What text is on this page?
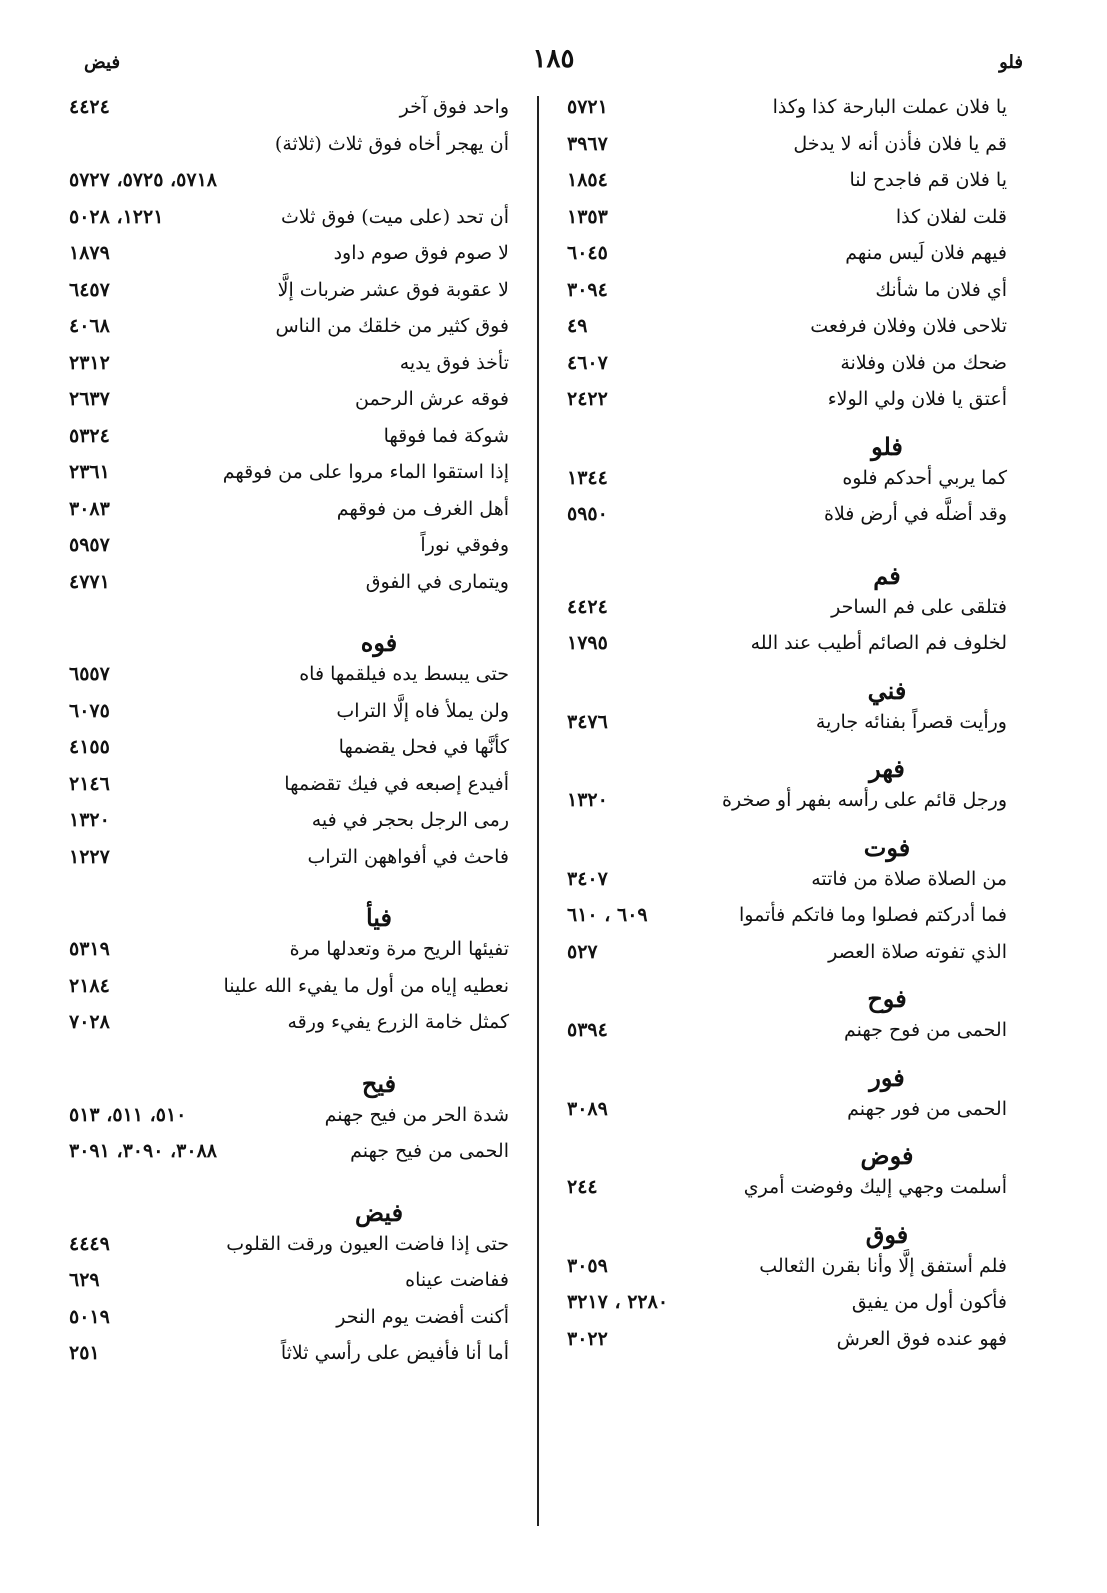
فلو
١٨٥
فيض
يا فلان عملت البارحة كذا وكذا
٥٧٢١
قم يا فلان فأذن أنه لا يدخل
٣٩٦٧
يا فلان قم فاجدح لنا
١٨٥٤
قلت لفلان كذا
١٣٥٣
فيهم فلان لَيس منهم
٦٠٤٥
أي فلان ما شأنك
٣٠٩٤
تلاحى فلان وفلان فرفعت
٤٩
ضحك من فلان وفلانة
٤٦٠٧
أعتق يا فلان ولي الولاء
٢٤٢٢
فلو
كما يربي أحدكم فلوه
١٣٤٤
وقد أضلَّه في أرض فلاة
٥٩٥٠
فم
فتلقى على فم الساحر
٤٤٢٤
لخلوف فم الصائم أطيب عند الله
١٧٩٥
فني
ورأيت قصراً بفنائه جارية
٣٤٧٦
فهر
ورجل قائم على رأسه بفهر أو صخرة
١٣٢٠
فوت
من الصلاة صلاة من فاتته
٣٤٠٧
فما أدركتم فصلوا وما فاتكم فأتموا
٦٠٩ ، ٦١٠
الذي تفوته صلاة العصر
٥٢٧
فوح
الحمى من فوح جهنم
٥٣٩٤
فور
الحمى من فور جهنم
٣٠٨٩
فوض
أسلمت وجهي إليك وفوضت أمري
٢٤٤
فوق
فلم أستفق إلَّا وأنا بقرن الثعالب
٣٠٥٩
فأكون أول من يفيق
٢٢٨٠ ، ٣٢١٧
فهو عنده فوق العرش
٣٠٢٢
واحد فوق آخر
٤٤٢٤
أن يهجر أخاه فوق ثلاث (ثلاثة)
٥٧١٨، ٥٧٢٥، ٥٧٢٧
أن تحد (على ميت) فوق ثلاث
١٢٢١، ٥٠٢٨
لا صوم فوق صوم داود
١٨٧٩
لا عقوبة فوق عشر ضربات إلَّا
٦٤٥٧
فوق كثير من خلقك من الناس
٤٠٦٨
تأخذ فوق يديه
٢٣١٢
فوقه عرش الرحمن
٢٦٣٧
شوكة فما فوقها
٥٣٢٤
إذا استقوا الماء مروا على من فوقهم
٢٣٦١
أهل الغرف من فوقهم
٣٠٨٣
وفوقي نوراً
٥٩٥٧
ويتمارى في الفوق
٤٧٧١
فوه
حتى يبسط يده فيلقمها فاه
٦٥٥٧
ولن يملأ فاه إلَّا التراب
٦٠٧٥
كأنَّها في فحل يقضمها
٤١٥٥
أفيدع إصبعه في فيك تقضمها
٢١٤٦
رمى الرجل بحجر في فيه
١٣٢٠
فاحث في أفواههن التراب
١٢٢٧
فيأ
تفيئها الريح مرة وتعدلها مرة
٥٣١٩
نعطيه إياه من أول ما يفيء الله علينا
٢١٨٤
كمثل خامة الزرع يفيء ورقه
٧٠٢٨
فيح
شدة الحر من فيح جهنم
٥١٠، ٥١١، ٥١٣
الحمى من فيح جهنم
٣٠٨٨، ٣٠٩٠، ٣٠٩١
فيض
حتى إذا فاضت العيون ورقت القلوب
٤٤٤٩
ففاضت عيناه
٦٢٩
أكنت أفضت يوم النحر
٥٠١٩
أما أنا فأفيض على رأسي ثلاثاً
٢٥١
